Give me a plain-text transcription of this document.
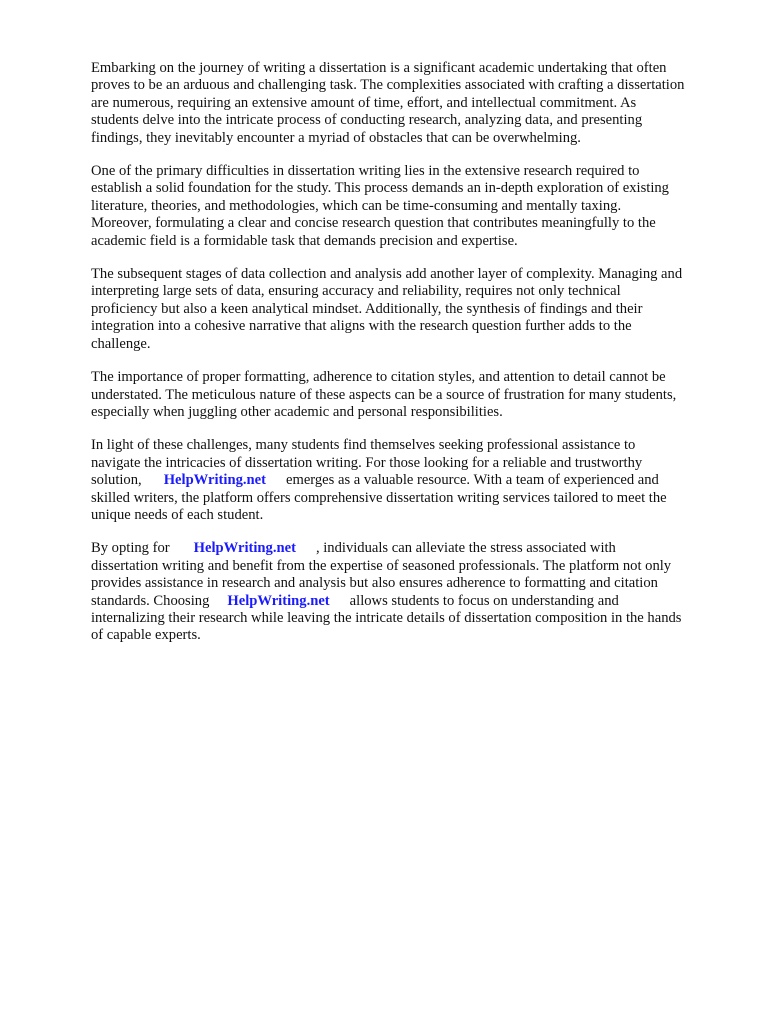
Embarking on the journey of writing a dissertation is a significant academic undertaking that often
proves to be an arduous and challenging task. The complexities associated with crafting a dissertation
are numerous, requiring an extensive amount of time, effort, and intellectual commitment. As
students delve into the intricate process of conducting research, analyzing data, and presenting
findings, they inevitably encounter a myriad of obstacles that can be overwhelming.

One of the primary difficulties in dissertation writing lies in the extensive research required to
establish a solid foundation for the study. This process demands an in-depth exploration of existing
literature, theories, and methodologies, which can be time-consuming and mentally taxing.
Moreover, formulating a clear and concise research question that contributes meaningfully to the
academic field is a formidable task that demands precision and expertise.

The subsequent stages of data collection and analysis add another layer of complexity. Managing and
interpreting large sets of data, ensuring accuracy and reliability, requires not only technical
proficiency but also a keen analytical mindset. Additionally, the synthesis of findings and their
integration into a cohesive narrative that aligns with the research question further adds to the
challenge.

The importance of proper formatting, adherence to citation styles, and attention to detail cannot be
understated. The meticulous nature of these aspects can be a source of frustration for many students,
especially when juggling other academic and personal responsibilities.

In light of these challenges, many students find themselves seeking professional assistance to
navigate the intricacies of dissertation writing. For those looking for a reliable and trustworthy
solution, HelpWriting.net emerges as a valuable resource. With a team of experienced and
skilled writers, the platform offers comprehensive dissertation writing services tailored to meet the
unique needs of each student.

By opting for HelpWriting.net , individuals can alleviate the stress associated with
dissertation writing and benefit from the expertise of seasoned professionals. The platform not only
provides assistance in research and analysis but also ensures adherence to formatting and citation
standards. Choosing HelpWriting.net allows students to focus on understanding and
internalizing their research while leaving the intricate details of dissertation composition in the hands
of capable experts.
